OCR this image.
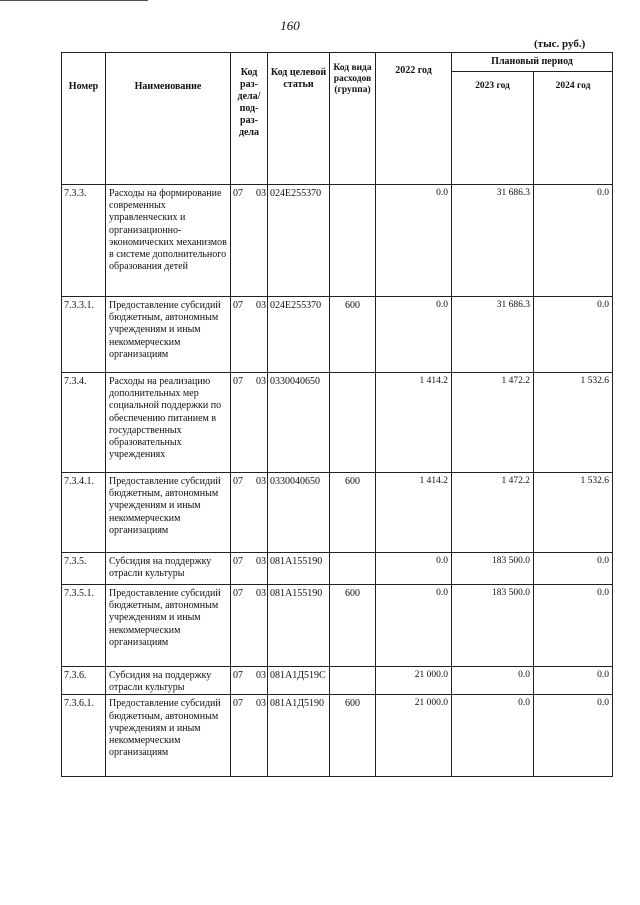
160
(тыс. руб.)
Номер	Наименование	Код раз- дела/ под- раз- дела	Код целевой статьи	Код вида расходов (группа)	2022 год	Плановый период	
						2023 год	2024 год
7.3.3.	Расходы на формирование современных управленческих и организационно-экономических механизмов в системе дополнительного образования детей	07 03	024E255370		0.0	31 686.3	0.0
7.3.3.1.	Предоставление субсидий бюджетным, автономным учреждениям и иным некоммерческим организациям	07 03	024E255370	600	0.0	31 686.3	0.0
7.3.4.	Расходы на реализацию дополнительных мер социальной поддержки по обеспечению питанием в государственных образовательных учреждениях	07 03	0330040650		1 414.2	1 472.2	1 532.6
7.3.4.1.	Предоставление субсидий бюджетным, автономным учреждениям и иным некоммерческим организациям	07 03	0330040650	600	1 414.2	1 472.2	1 532.6
7.3.5.	Субсидия на поддержку отрасли культуры	07 03	081A155190		0.0	183 500.0	0.0
7.3.5.1.	Предоставление субсидий бюджетным, автономным учреждениям и иным некоммерческим организациям	07 03	081A155190	600	0.0	183 500.0	0.0
7.3.6.	Субсидия на поддержку отрасли культуры	07 03	081A1Д519С		21 000.0	0.0	0.0
7.3.6.1.	Предоставление субсидий бюджетным, автономным учреждениям и иным некоммерческим организациям	07 03	081A1Д5190	600	21 000.0	0.0	0.0
